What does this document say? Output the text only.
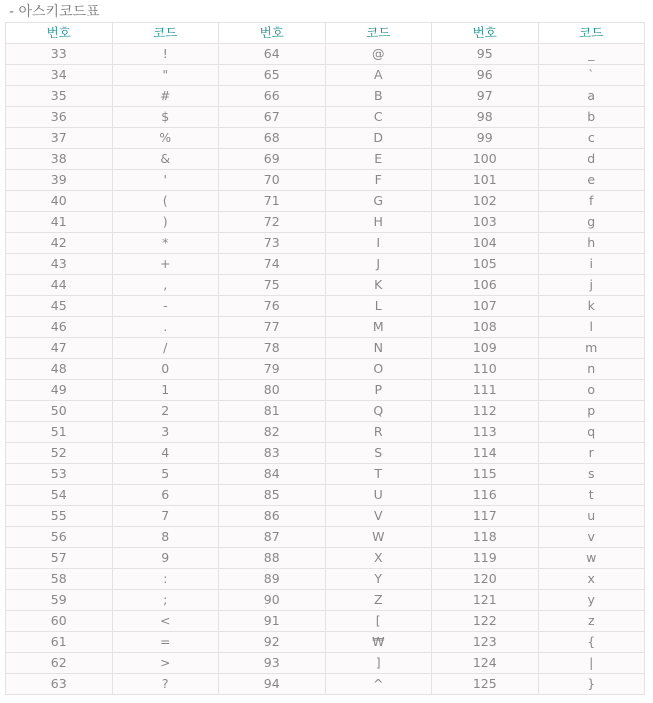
- 아스키코드표
번호	코드	번호	코드	번호	코드
33	!	64	@	95	_
34	"	65	A	96	`
35	#	66	B	97	a
36	$	67	C	98	b
37	%	68	D	99	c
38	&	69	E	100	d
39	'	70	F	101	e
40	(	71	G	102	f
41	)	72	H	103	g
42	*	73	I	104	h
43	+	74	J	105	i
44	,	75	K	106	j
45	-	76	L	107	k
46	.	77	M	108	l
47	/	78	N	109	m
48	0	79	O	110	n
49	1	80	P	111	o
50	2	81	Q	112	p
51	3	82	R	113	q
52	4	83	S	114	r
53	5	84	T	115	s
54	6	85	U	116	t
55	7	86	V	117	u
56	8	87	W	118	v
57	9	88	X	119	w
58	:	89	Y	120	x
59	;	90	Z	121	y
60	<	91	[	122	z
61	=	92	₩	123	{
62	>	93	]	124	|
63	?	94	^	125	}
